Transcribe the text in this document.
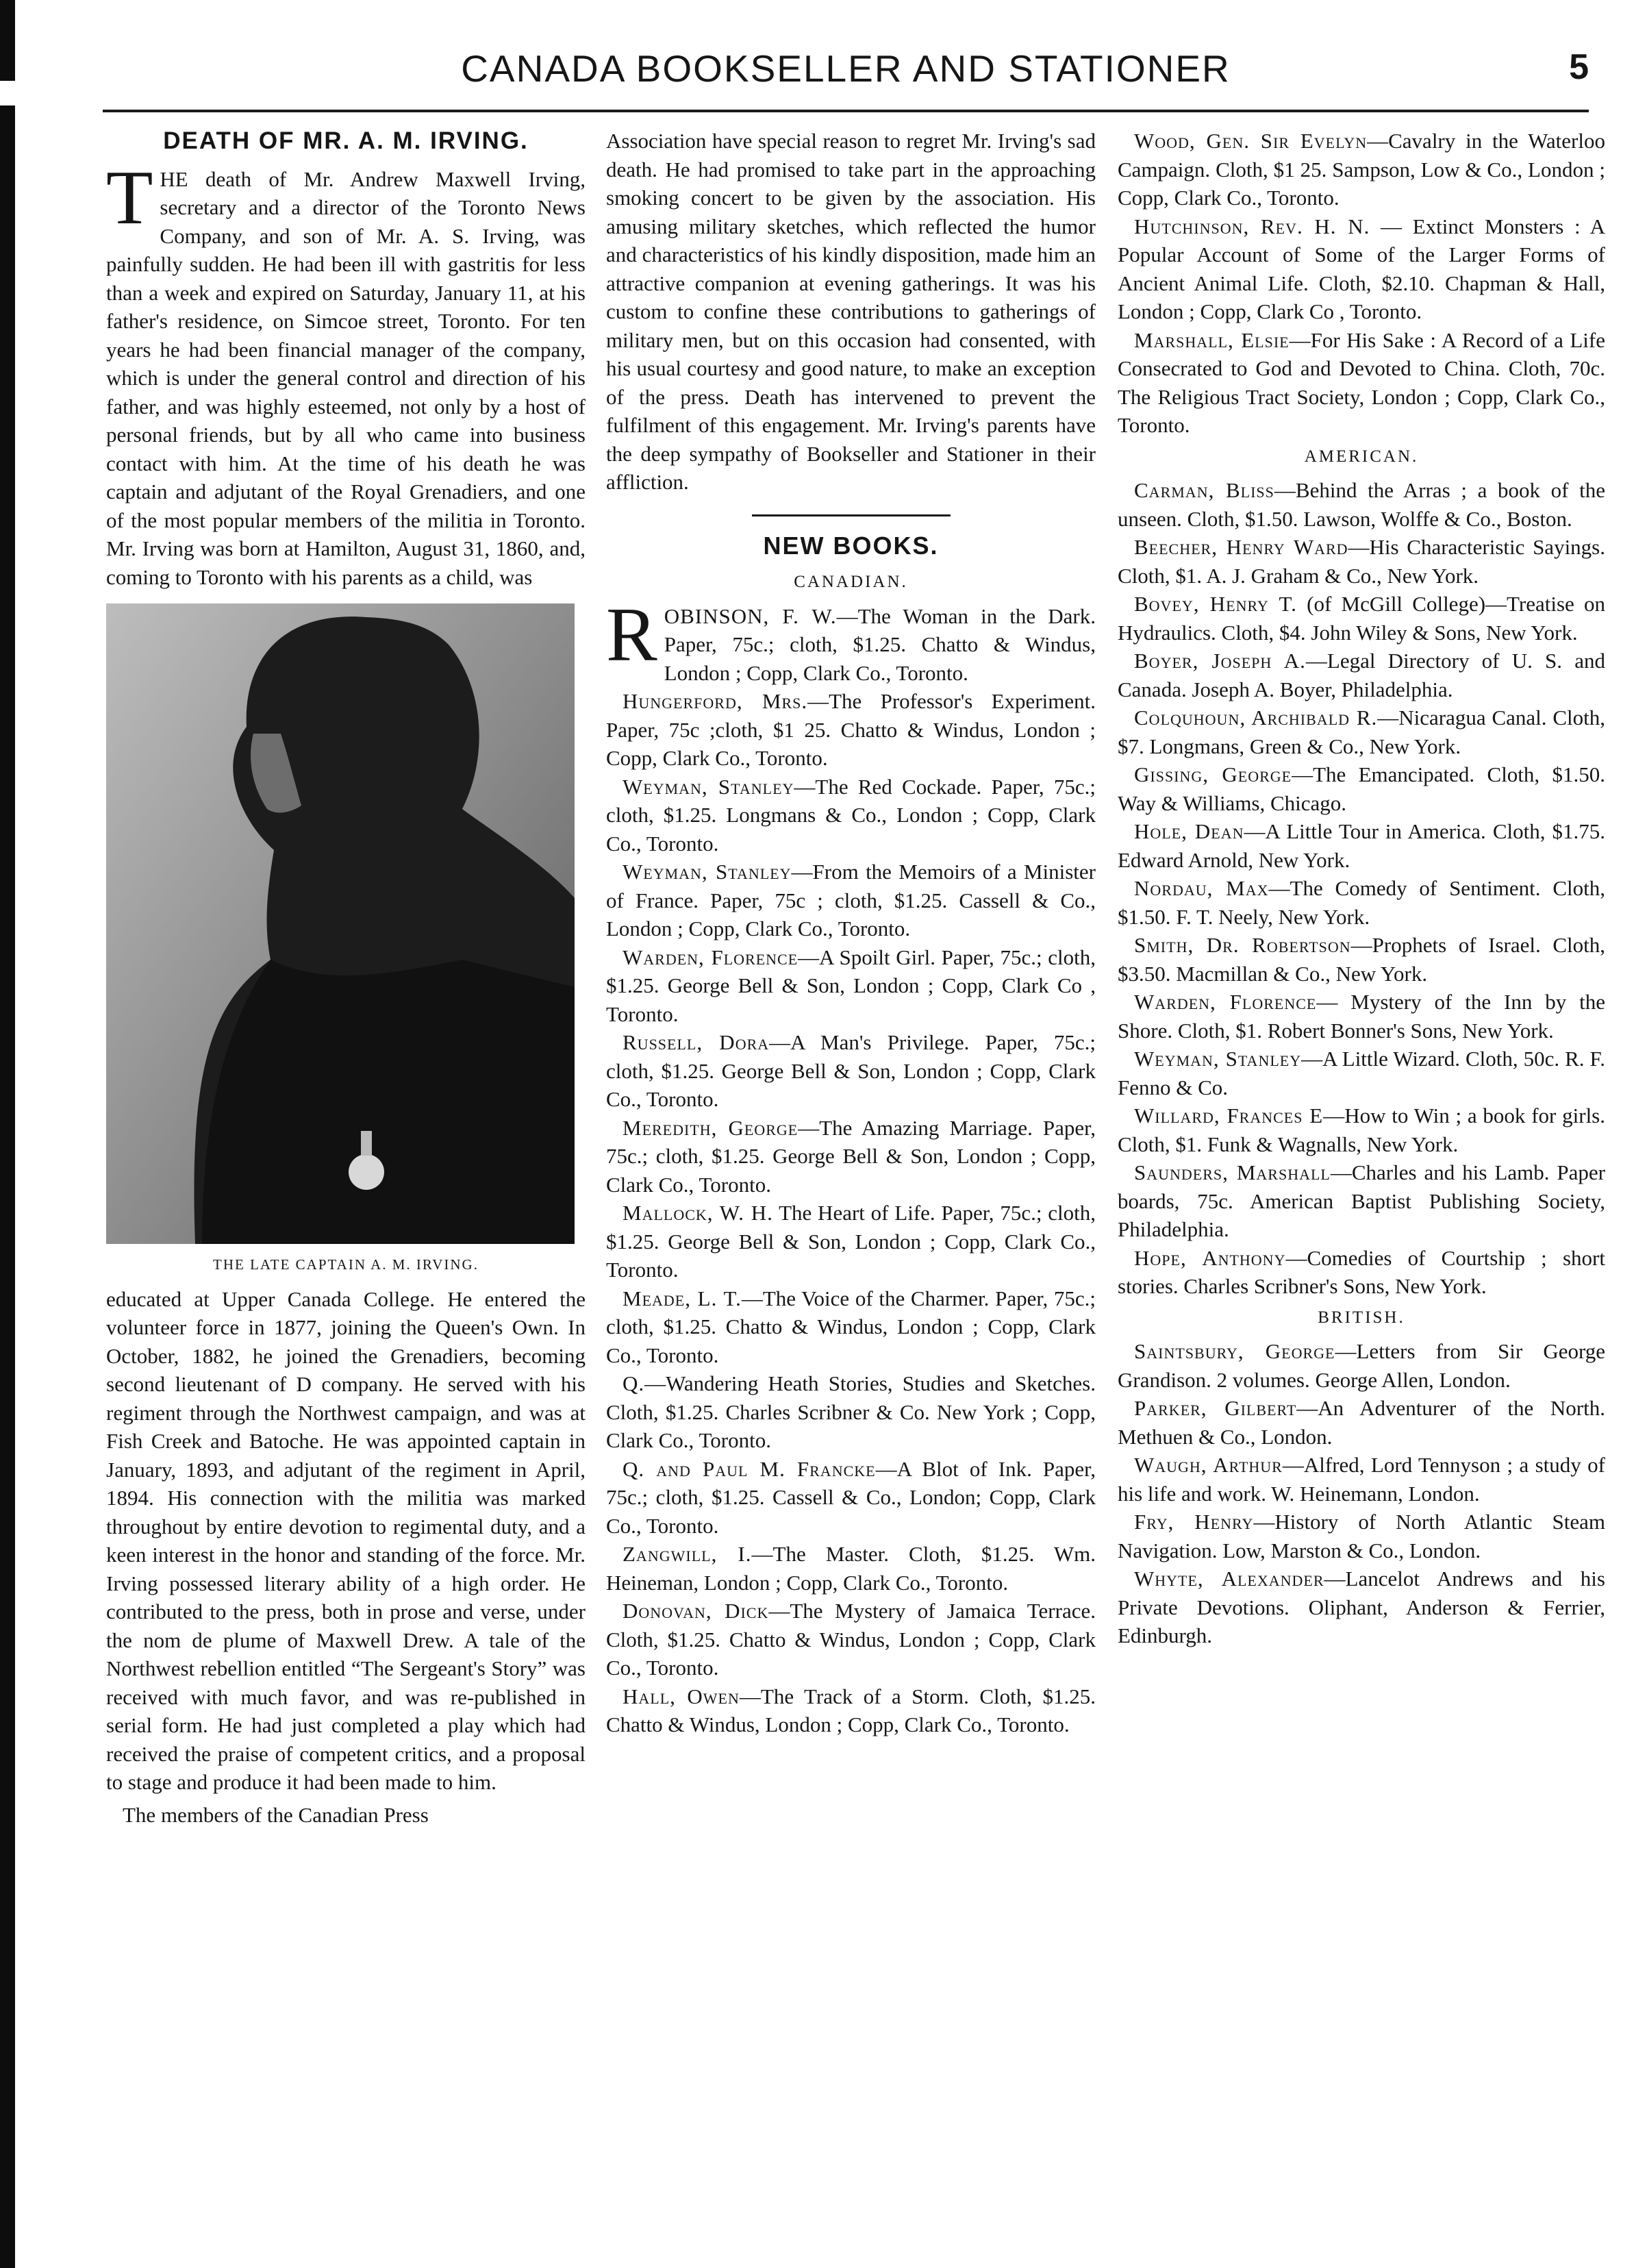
CANADA BOOKSELLER AND STATIONER	5
DEATH OF MR. A. M. IRVING.

THE death of Mr. Andrew Maxwell Irving, secretary and a director of the Toronto News Company, and son of Mr. A. S. Irving, was painfully sudden. He had been ill with gastritis for less than a week and expired on Saturday, January 11, at his father's residence, on Simcoe street, Toronto. For ten years he had been financial manager of the company, which is under the general control and direction of his father, and was highly esteemed, not only by a host of personal friends, but by all who came into business contact with him. At the time of his death he was captain and adjutant of the Royal Grenadiers, and one of the most popular members of the militia in Toronto. Mr. Irving was born at Hamilton, August 31, 1860, and, coming to Toronto with his parents as a child, was

THE LATE CAPTAIN A. M. IRVING.

educated at Upper Canada College. He entered the volunteer force in 1877, joining the Queen's Own. In October, 1882, he joined the Grenadiers, becoming second lieutenant of D company. He served with his regiment through the Northwest campaign, and was at Fish Creek and Batoche. He was appointed captain in January, 1893, and adjutant of the regiment in April, 1894. His connection with the militia was marked throughout by entire devotion to regimental duty, and a keen interest in the honor and standing of the force. Mr. Irving possessed literary ability of a high order. He contributed to the press, both in prose and verse, under the nom de plume of Maxwell Drew. A tale of the Northwest rebellion entitled “The Sergeant's Story” was received with much favor, and was re-published in serial form. He had just completed a play which had received the praise of competent critics, and a proposal to stage and produce it had been made to him.

The members of the Canadian Press

Association have special reason to regret Mr. Irving's sad death. He had promised to take part in the approaching smoking concert to be given by the association. His amusing military sketches, which reflected the humor and characteristics of his kindly disposition, made him an attractive companion at evening gatherings. It was his custom to confine these contributions to gatherings of military men, but on this occasion had consented, with his usual courtesy and good nature, to make an exception of the press. Death has intervened to prevent the fulfilment of this engagement. Mr. Irving's parents have the deep sympathy of Bookseller and Stationer in their affliction.

NEW BOOKS.
CANADIAN.

ROBINSON, F. W.—The Woman in the Dark. Paper, 75c.; cloth, $1.25. Chatto & Windus, London ; Copp, Clark Co., Toronto.

Hungerford, Mrs.—The Professor's Experiment. Paper, 75c ;cloth, $1 25. Chatto & Windus, London ; Copp, Clark Co., Toronto.

Weyman, Stanley—The Red Cockade. Paper, 75c.; cloth, $1.25. Longmans & Co., London ; Copp, Clark Co., Toronto.

Weyman, Stanley—From the Memoirs of a Minister of France. Paper, 75c ; cloth, $1.25. Cassell & Co., London ; Copp, Clark Co., Toronto.

Warden, Florence—A Spoilt Girl. Paper, 75c.; cloth, $1.25. George Bell & Son, London ; Copp, Clark Co , Toronto.

Russell, Dora—A Man's Privilege. Paper, 75c.; cloth, $1.25. George Bell & Son, London ; Copp, Clark Co., Toronto.

Meredith, George—The Amazing Marriage. Paper, 75c.; cloth, $1.25. George Bell & Son, London ; Copp, Clark Co., Toronto.

Mallock, W. H. The Heart of Life. Paper, 75c.; cloth, $1.25. George Bell & Son, London ; Copp, Clark Co., Toronto.

Meade, L. T.—The Voice of the Charmer. Paper, 75c.; cloth, $1.25. Chatto & Windus, London ; Copp, Clark Co., Toronto.

Q.—Wandering Heath Stories, Studies and Sketches. Cloth, $1.25. Charles Scribner & Co. New York ; Copp, Clark Co., Toronto.

Q. and Paul M. Francke—A Blot of Ink. Paper, 75c.; cloth, $1.25. Cassell & Co., London; Copp, Clark Co., Toronto.

Zangwill, I.—The Master. Cloth, $1.25. Wm. Heineman, London ; Copp, Clark Co., Toronto.

Donovan, Dick—The Mystery of Jamaica Terrace. Cloth, $1.25. Chatto & Windus, London ; Copp, Clark Co., Toronto.

Hall, Owen—The Track of a Storm. Cloth, $1.25. Chatto & Windus, London ; Copp, Clark Co., Toronto.

Wood, Gen. Sir Evelyn—Cavalry in the Waterloo Campaign. Cloth, $1 25. Sampson, Low & Co., London ; Copp, Clark Co., Toronto.

Hutchinson, Rev. H. N. — Extinct Monsters : A Popular Account of Some of the Larger Forms of Ancient Animal Life. Cloth, $2.10. Chapman & Hall, London ; Copp, Clark Co , Toronto.

Marshall, Elsie—For His Sake : A Record of a Life Consecrated to God and Devoted to China. Cloth, 70c. The Religious Tract Society, London ; Copp, Clark Co., Toronto.

AMERICAN.

Carman, Bliss—Behind the Arras ; a book of the unseen. Cloth, $1.50. Lawson, Wolffe & Co., Boston.

Beecher, Henry Ward—His Characteristic Sayings. Cloth, $1. A. J. Graham & Co., New York.

Bovey, Henry T. (of McGill College)—Treatise on Hydraulics. Cloth, $4. John Wiley & Sons, New York.

Boyer, Joseph A.—Legal Directory of U. S. and Canada. Joseph A. Boyer, Philadelphia.

Colquhoun, Archibald R.—Nicaragua Canal. Cloth, $7. Longmans, Green & Co., New York.

Gissing, George—The Emancipated. Cloth, $1.50. Way & Williams, Chicago.

Hole, Dean—A Little Tour in America. Cloth, $1.75. Edward Arnold, New York.

Nordau, Max—The Comedy of Sentiment. Cloth, $1.50. F. T. Neely, New York.

Smith, Dr. Robertson—Prophets of Israel. Cloth, $3.50. Macmillan & Co., New York.

Warden, Florence— Mystery of the Inn by the Shore. Cloth, $1. Robert Bonner's Sons, New York.

Weyman, Stanley—A Little Wizard. Cloth, 50c. R. F. Fenno & Co.

Willard, Frances E—How to Win ; a book for girls. Cloth, $1. Funk & Wagnalls, New York.

Saunders, Marshall—Charles and his Lamb. Paper boards, 75c. American Baptist Publishing Society, Philadelphia.

Hope, Anthony—Comedies of Courtship ; short stories. Charles Scribner's Sons, New York.

BRITISH.

Saintsbury, George—Letters from Sir George Grandison. 2 volumes. George Allen, London.

Parker, Gilbert—An Adventurer of the North. Methuen & Co., London.

Waugh, Arthur—Alfred, Lord Tennyson ; a study of his life and work. W. Heinemann, London.

Fry, Henry—History of North Atlantic Steam Navigation. Low, Marston & Co., London.

Whyte, Alexander—Lancelot Andrews and his Private Devotions. Oliphant, Anderson & Ferrier, Edinburgh.
